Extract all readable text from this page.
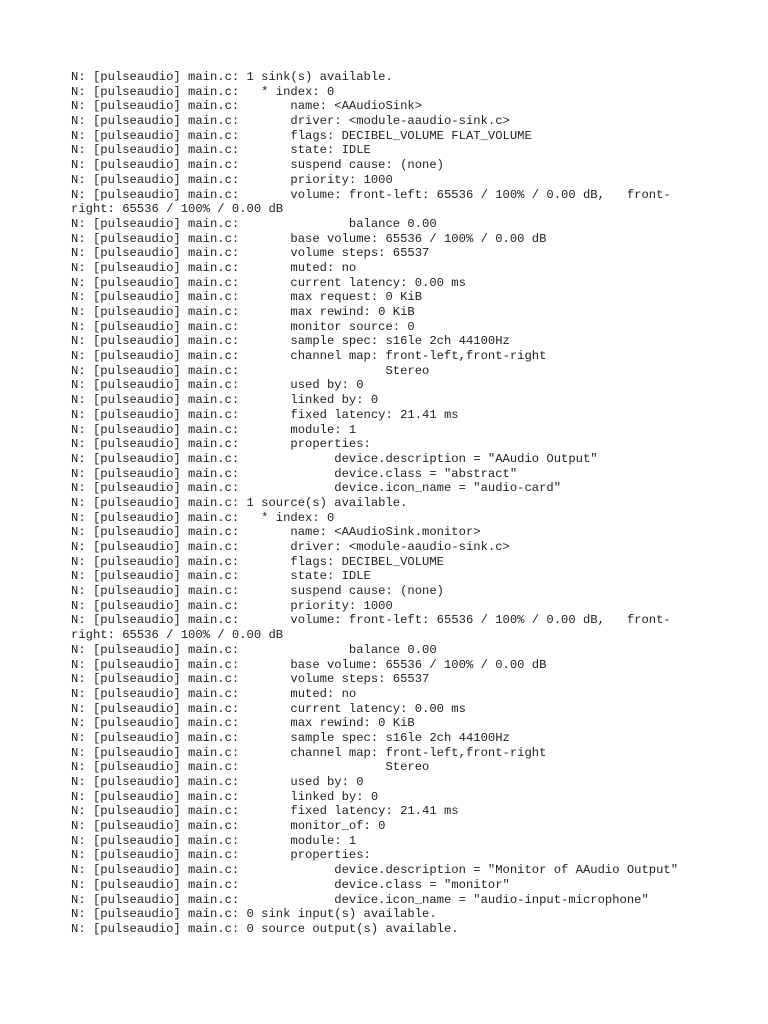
N: [pulseaudio] main.c: 1 sink(s) available.
N: [pulseaudio] main.c:   * index: 0
N: [pulseaudio] main.c:       name: <AAudioSink>
N: [pulseaudio] main.c:       driver: <module-aaudio-sink.c>
N: [pulseaudio] main.c:       flags: DECIBEL_VOLUME FLAT_VOLUME
N: [pulseaudio] main.c:       state: IDLE
N: [pulseaudio] main.c:       suspend cause: (none)
N: [pulseaudio] main.c:       priority: 1000
N: [pulseaudio] main.c:       volume: front-left: 65536 / 100% / 0.00 dB,   front-
right: 65536 / 100% / 0.00 dB
N: [pulseaudio] main.c:               balance 0.00
N: [pulseaudio] main.c:       base volume: 65536 / 100% / 0.00 dB
N: [pulseaudio] main.c:       volume steps: 65537
N: [pulseaudio] main.c:       muted: no
N: [pulseaudio] main.c:       current latency: 0.00 ms
N: [pulseaudio] main.c:       max request: 0 KiB
N: [pulseaudio] main.c:       max rewind: 0 KiB
N: [pulseaudio] main.c:       monitor source: 0
N: [pulseaudio] main.c:       sample spec: s16le 2ch 44100Hz
N: [pulseaudio] main.c:       channel map: front-left,front-right
N: [pulseaudio] main.c:                    Stereo
N: [pulseaudio] main.c:       used by: 0
N: [pulseaudio] main.c:       linked by: 0
N: [pulseaudio] main.c:       fixed latency: 21.41 ms
N: [pulseaudio] main.c:       module: 1
N: [pulseaudio] main.c:       properties:
N: [pulseaudio] main.c:             device.description = "AAudio Output"
N: [pulseaudio] main.c:             device.class = "abstract"
N: [pulseaudio] main.c:             device.icon_name = "audio-card"
N: [pulseaudio] main.c: 1 source(s) available.
N: [pulseaudio] main.c:   * index: 0
N: [pulseaudio] main.c:       name: <AAudioSink.monitor>
N: [pulseaudio] main.c:       driver: <module-aaudio-sink.c>
N: [pulseaudio] main.c:       flags: DECIBEL_VOLUME
N: [pulseaudio] main.c:       state: IDLE
N: [pulseaudio] main.c:       suspend cause: (none)
N: [pulseaudio] main.c:       priority: 1000
N: [pulseaudio] main.c:       volume: front-left: 65536 / 100% / 0.00 dB,   front-
right: 65536 / 100% / 0.00 dB
N: [pulseaudio] main.c:               balance 0.00
N: [pulseaudio] main.c:       base volume: 65536 / 100% / 0.00 dB
N: [pulseaudio] main.c:       volume steps: 65537
N: [pulseaudio] main.c:       muted: no
N: [pulseaudio] main.c:       current latency: 0.00 ms
N: [pulseaudio] main.c:       max rewind: 0 KiB
N: [pulseaudio] main.c:       sample spec: s16le 2ch 44100Hz
N: [pulseaudio] main.c:       channel map: front-left,front-right
N: [pulseaudio] main.c:                    Stereo
N: [pulseaudio] main.c:       used by: 0
N: [pulseaudio] main.c:       linked by: 0
N: [pulseaudio] main.c:       fixed latency: 21.41 ms
N: [pulseaudio] main.c:       monitor_of: 0
N: [pulseaudio] main.c:       module: 1
N: [pulseaudio] main.c:       properties:
N: [pulseaudio] main.c:             device.description = "Monitor of AAudio Output"
N: [pulseaudio] main.c:             device.class = "monitor"
N: [pulseaudio] main.c:             device.icon_name = "audio-input-microphone"
N: [pulseaudio] main.c: 0 sink input(s) available.
N: [pulseaudio] main.c: 0 source output(s) available.
